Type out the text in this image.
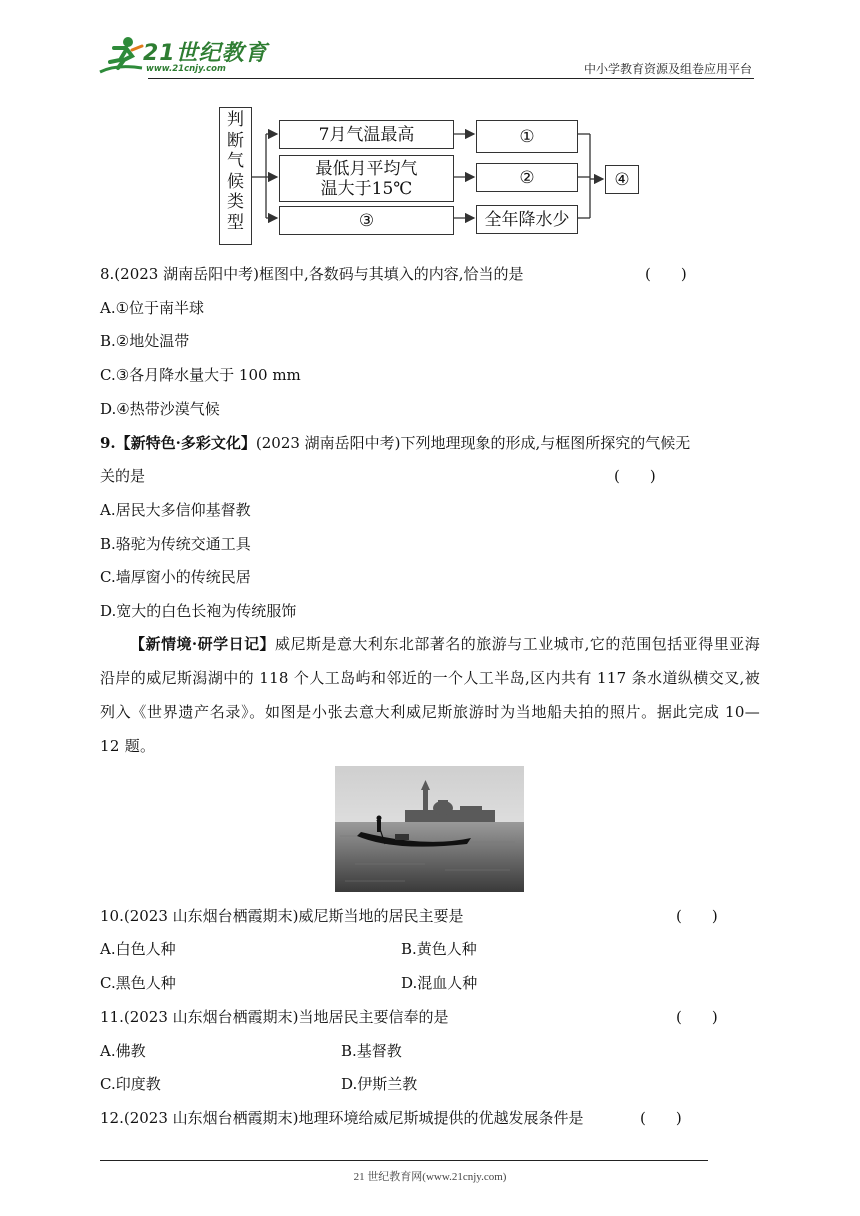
21世纪教育
www.21cnjy.com	中小学教育资源及组卷应用平台
判
断
气
候
类
型
7月气温最高
最低月平均气
温大于15℃
③
①
②
全年降水少
④
8.(2023 湖南岳阳中考)框图中,各数码与其填入的内容,恰当的是	(　　)
A.①位于南半球
B.②地处温带
C.③各月降水量大于 100 mm
D.④热带沙漠气候
9.【新特色·多彩文化】(2023 湖南岳阳中考)下列地理现象的形成,与框图所探究的气候无
关的是	(　　)
A.居民大多信仰基督教
B.骆驼为传统交通工具
C.墙厚窗小的传统民居
D.宽大的白色长袍为传统服饰
【新情境·研学日记】威尼斯是意大利东北部著名的旅游与工业城市,它的范围包括亚得里亚海沿岸的威尼斯潟湖中的 118 个人工岛屿和邻近的一个人工半岛,区内共有 117 条水道纵横交叉,被列入《世界遗产名录》。如图是小张去意大利威尼斯旅游时为当地船夫拍的照片。据此完成 10—12 题。
10.(2023 山东烟台栖霞期末)威尼斯当地的居民主要是	(　　)
A.白色人种	B.黄色人种
C.黑色人种	D.混血人种
11.(2023 山东烟台栖霞期末)当地居民主要信奉的是	(　　)
A.佛教	B.基督教
C.印度教	D.伊斯兰教
12.(2023 山东烟台栖霞期末)地理环境给威尼斯城提供的优越发展条件是	(　　)
21 世纪教育网(www.21cnjy.com)
